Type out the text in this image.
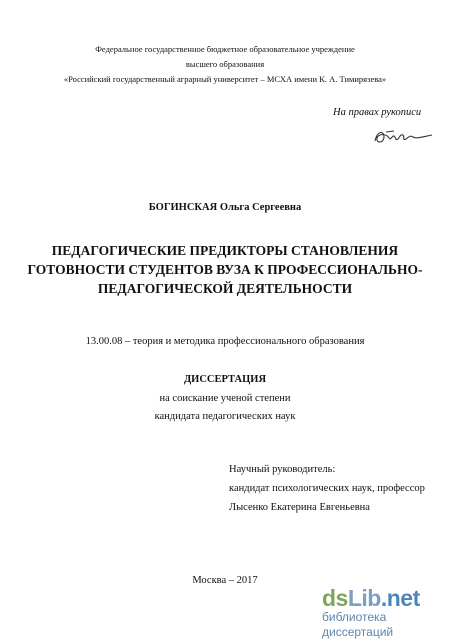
Федеральное государственное бюджетное образовательное учреждение
высшего образования
«Российский государственный аграрный университет – МСХА имени К. А. Тимирязева»
На правах рукописи
БОГИНСКАЯ Ольга Сергеевна
ПЕДАГОГИЧЕСКИЕ ПРЕДИКТОРЫ СТАНОВЛЕНИЯ
ГОТОВНОСТИ СТУДЕНТОВ ВУЗА К ПРОФЕССИОНАЛЬНО-
ПЕДАГОГИЧЕСКОЙ ДЕЯТЕЛЬНОСТИ
13.00.08 – теория и методика профессионального образования
ДИССЕРТАЦИЯ
на соискание ученой степени
кандидата педагогических наук
Научный руководитель:
кандидат психологических наук, профессор
Лысенко Екатерина Евгеньевна
Москва – 2017
dsLib.net
библиотека диссертаций
